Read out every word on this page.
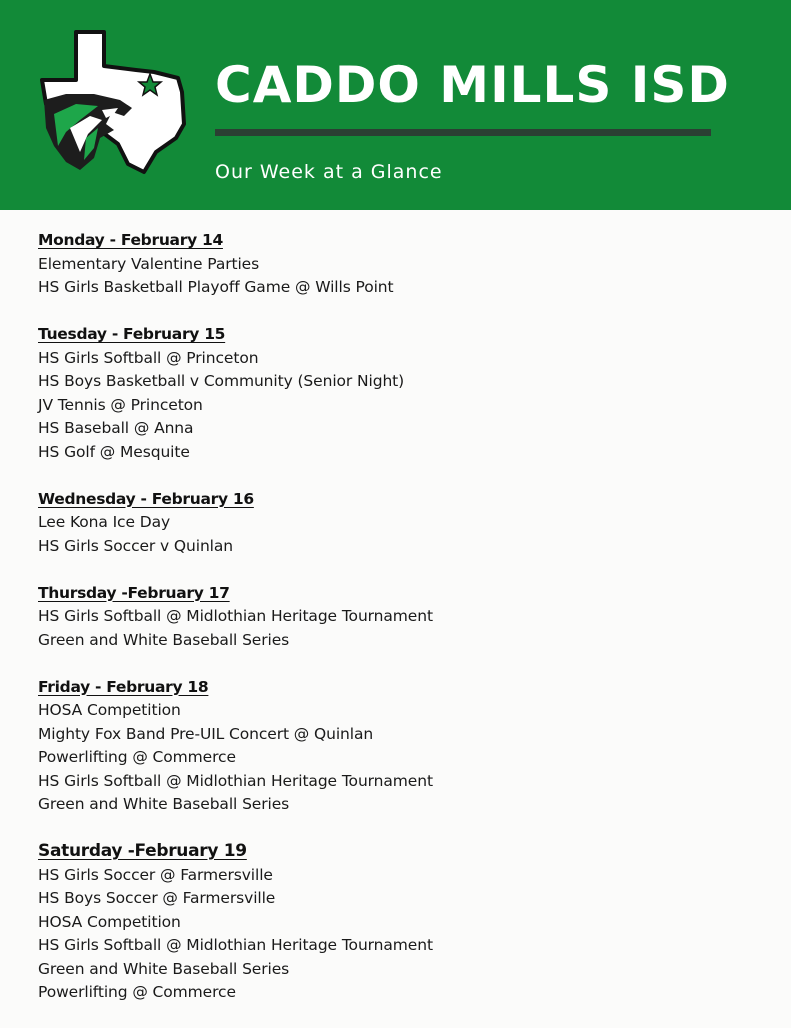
CADDO MILLS ISD
Our Week at a Glance
Monday - February 14
Elementary Valentine Parties
HS Girls Basketball Playoff Game @ Wills Point
Tuesday - February 15
HS Girls Softball @ Princeton
HS Boys Basketball v Community (Senior Night)
JV Tennis @ Princeton
HS Baseball @ Anna
HS Golf @ Mesquite
Wednesday - February 16
Lee Kona Ice Day
HS Girls Soccer v Quinlan
Thursday -February 17
HS Girls Softball @ Midlothian Heritage Tournament
Green and White Baseball Series
Friday - February 18
HOSA Competition
Mighty Fox Band Pre-UIL Concert @ Quinlan
Powerlifting @ Commerce
HS Girls Softball @ Midlothian Heritage Tournament
Green and White Baseball Series
Saturday -February 19
HS Girls Soccer @ Farmersville
HS Boys Soccer @ Farmersville
HOSA Competition
HS Girls Softball @ Midlothian Heritage Tournament
Green and White Baseball Series
Powerlifting @ Commerce
